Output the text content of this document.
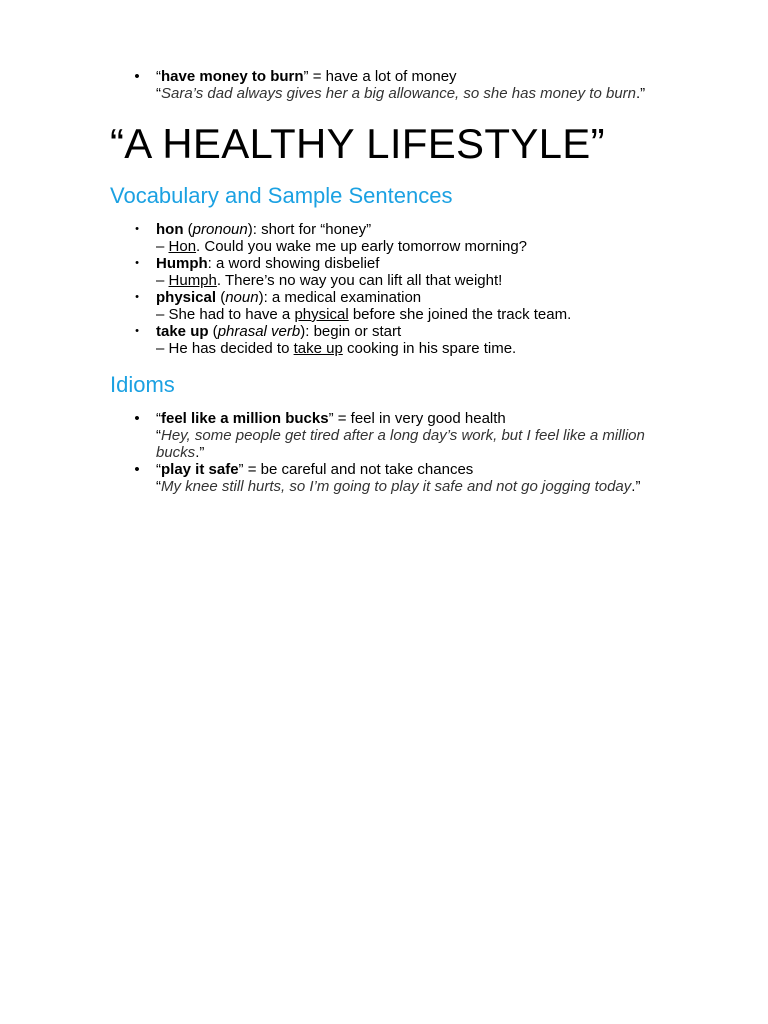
• “have money to burn” = have a lot of money
“Sara’s dad always gives her a big allowance, so she has money to burn.”
“A HEALTHY LIFESTYLE”
Vocabulary and Sample Sentences
• hon (pronoun): short for “honey”
– Hon. Could you wake me up early tomorrow morning?
• Humph: a word showing disbelief
– Humph. There’s no way you can lift all that weight!
• physical (noun): a medical examination
– She had to have a physical before she joined the track team.
• take up (phrasal verb): begin or start
– He has decided to take up cooking in his spare time.
Idioms
• “feel like a million bucks” = feel in very good health
“Hey, some people get tired after a long day’s work, but I feel like a million
bucks.”
• “play it safe” = be careful and not take chances
“My knee still hurts, so I’m going to play it safe and not go jogging today.”
